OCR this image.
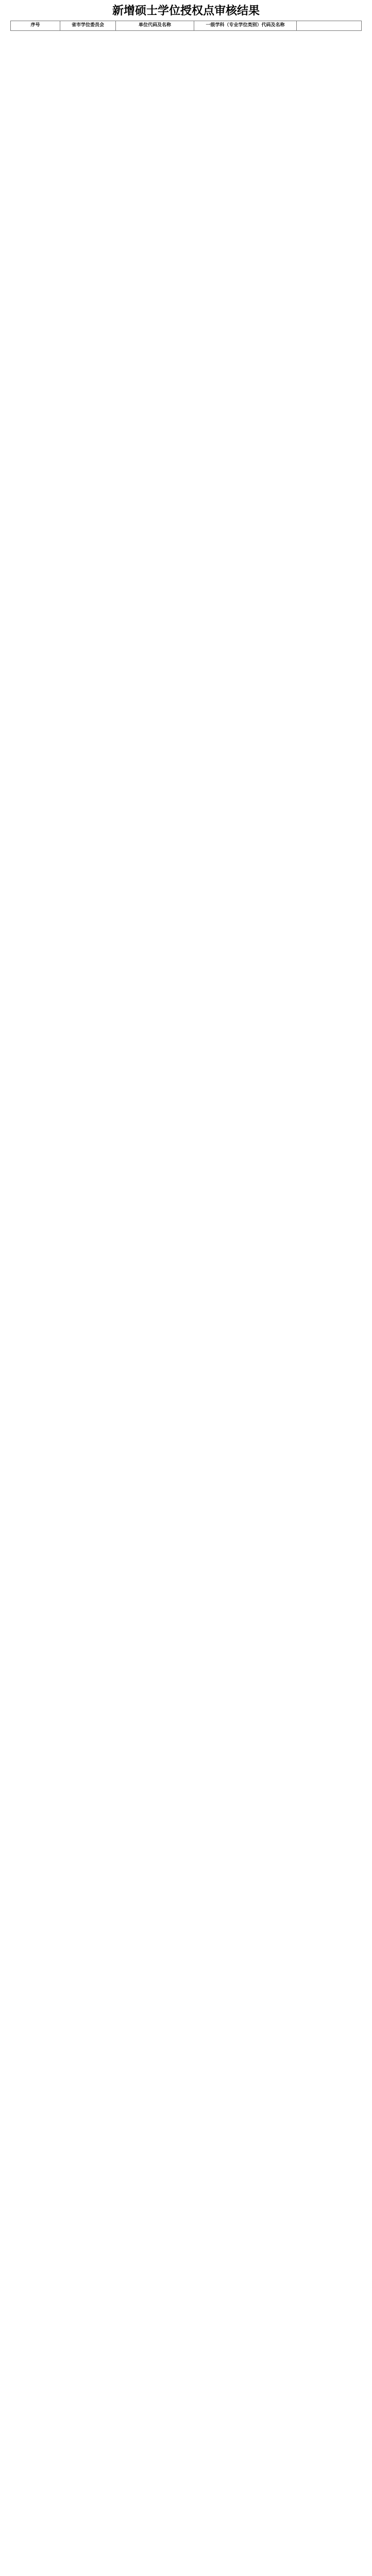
新增硕士学位授权点审核结果
序号	省市学位委员会	单位代码及名称	一级学科（专业学位类别）代码及名称	
